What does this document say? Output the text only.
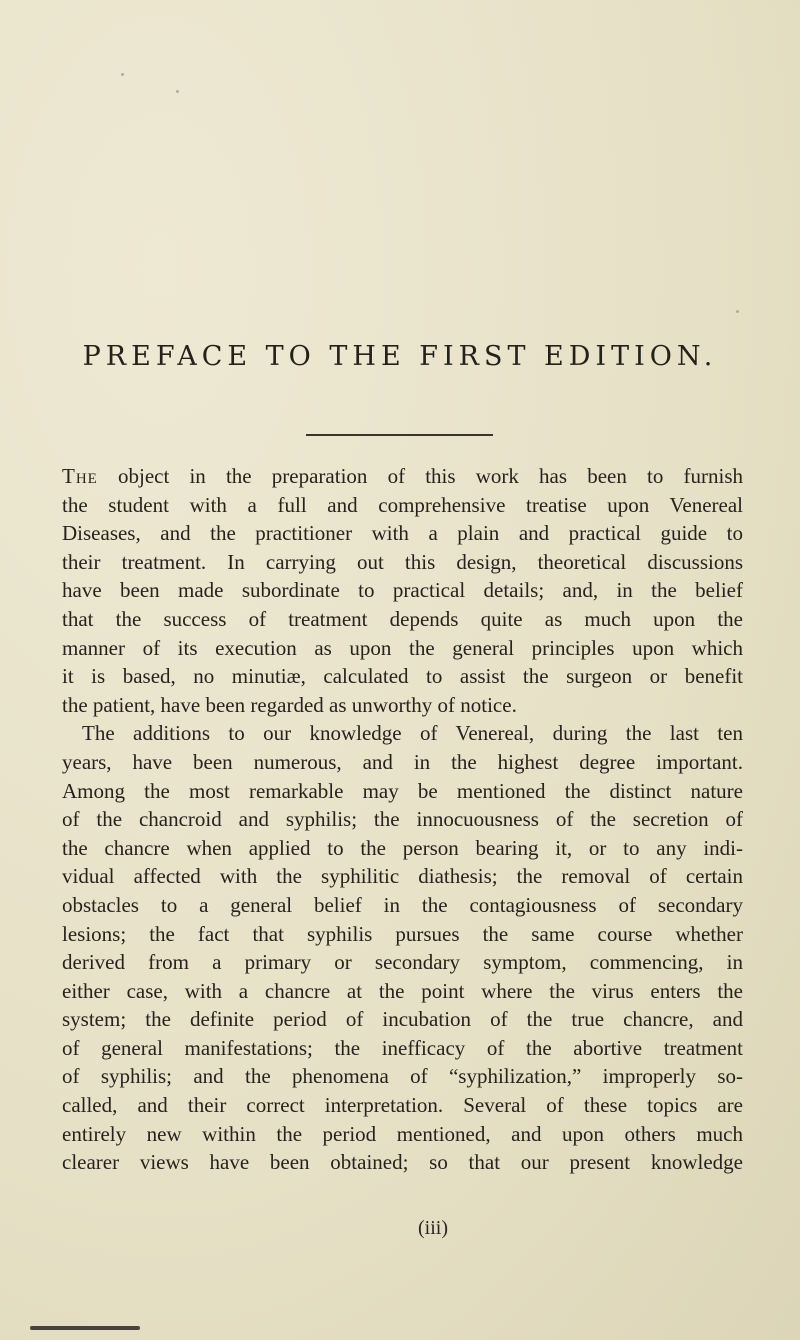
PREFACE TO THE FIRST EDITION.
The object in the preparation of this work has been to furnish
the student with a full and comprehensive treatise upon Venereal
Diseases, and the practitioner with a plain and practical guide to
their treatment. In carrying out this design, theoretical discussions
have been made subordinate to practical details; and, in the belief
that the success of treatment depends quite as much upon the
manner of its execution as upon the general principles upon which
it is based, no minutiæ, calculated to assist the surgeon or benefit
the patient, have been regarded as unworthy of notice.
The additions to our knowledge of Venereal, during the last ten
years, have been numerous, and in the highest degree important.
Among the most remarkable may be mentioned the distinct nature
of the chancroid and syphilis; the innocuousness of the secretion of
the chancre when applied to the person bearing it, or to any indi-
vidual affected with the syphilitic diathesis; the removal of certain
obstacles to a general belief in the contagiousness of secondary
lesions; the fact that syphilis pursues the same course whether
derived from a primary or secondary symptom, commencing, in
either case, with a chancre at the point where the virus enters the
system; the definite period of incubation of the true chancre, and
of general manifestations; the inefficacy of the abortive treatment
of syphilis; and the phenomena of “syphilization,” improperly so-
called, and their correct interpretation. Several of these topics are
entirely new within the period mentioned, and upon others much
clearer views have been obtained; so that our present knowledge
(iii)
